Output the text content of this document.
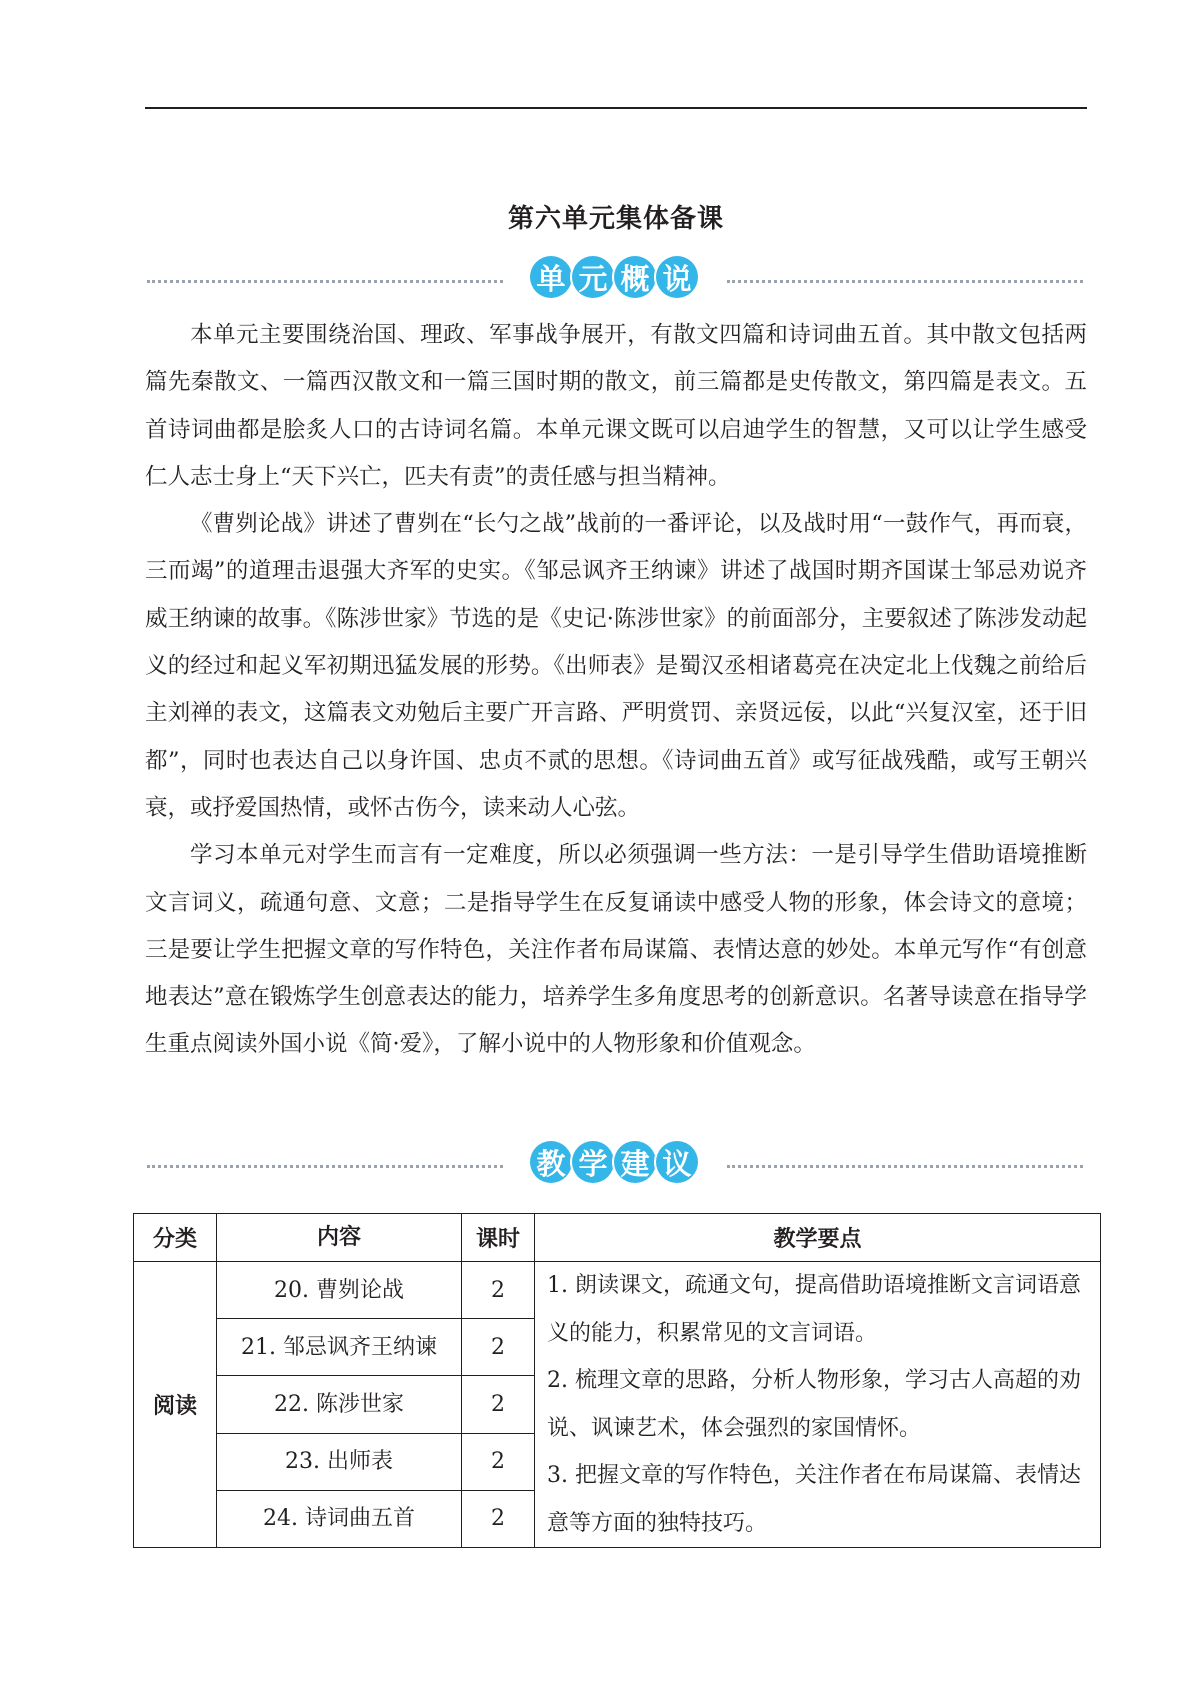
第六单元集体备课
单 元 概 说

本单元主要围绕治国、理政、军事战争展开，有散文四篇和诗词曲五首。其中散文包括两篇先秦散文、一篇西汉散文和一篇三国时期的散文，前三篇都是史传散文，第四篇是表文。五首诗词曲都是脍炙人口的古诗词名篇。本单元课文既可以启迪学生的智慧，又可以让学生感受仁人志士身上“天下兴亡，匹夫有责”的责任感与担当精神。

《曹刿论战》讲述了曹刿在“长勺之战”战前的一番评论，以及战时用“一鼓作气，再而衰，三而竭”的道理击退强大齐军的史实。《邹忌讽齐王纳谏》讲述了战国时期齐国谋士邹忌劝说齐威王纳谏的故事。《陈涉世家》节选的是《史记·陈涉世家》的前面部分，主要叙述了陈涉发动起义的经过和起义军初期迅猛发展的形势。《出师表》是蜀汉丞相诸葛亮在决定北上伐魏之前给后主刘禅的表文，这篇表文劝勉后主要广开言路、严明赏罚、亲贤远佞，以此“兴复汉室，还于旧都”，同时也表达自己以身许国、忠贞不贰的思想。《诗词曲五首》或写征战残酷，或写王朝兴衰，或抒爱国热情，或怀古伤今，读来动人心弦。

学习本单元对学生而言有一定难度，所以必须强调一些方法：一是引导学生借助语境推断文言词义，疏通句意、文意；二是指导学生在反复诵读中感受人物的形象，体会诗文的意境；三是要让学生把握文章的写作特色，关注作者布局谋篇、表情达意的妙处。本单元写作“有创意地表达”意在锻炼学生创意表达的能力，培养学生多角度思考的创新意识。名著导读意在指导学生重点阅读外国小说《简·爱》，了解小说中的人物形象和价值观念。

教 学 建 议
分类	内容	课时	教学要点
阅读	20. 曹刿论战	2	1. 朗读课文，疏通文句，提高借助语境推断文言词语意义的能力，积累常见的文言词语。
2. 梳理文章的思路，分析人物形象，学习古人高超的劝说、讽谏艺术，体会强烈的家国情怀。
3. 把握文章的写作特色，关注作者在布局谋篇、表情达意等方面的独特技巧。

	21. 邹忌讽齐王纳谏	2	
	22. 陈涉世家	2	
	23. 出师表	2	
	24. 诗词曲五首	2	
